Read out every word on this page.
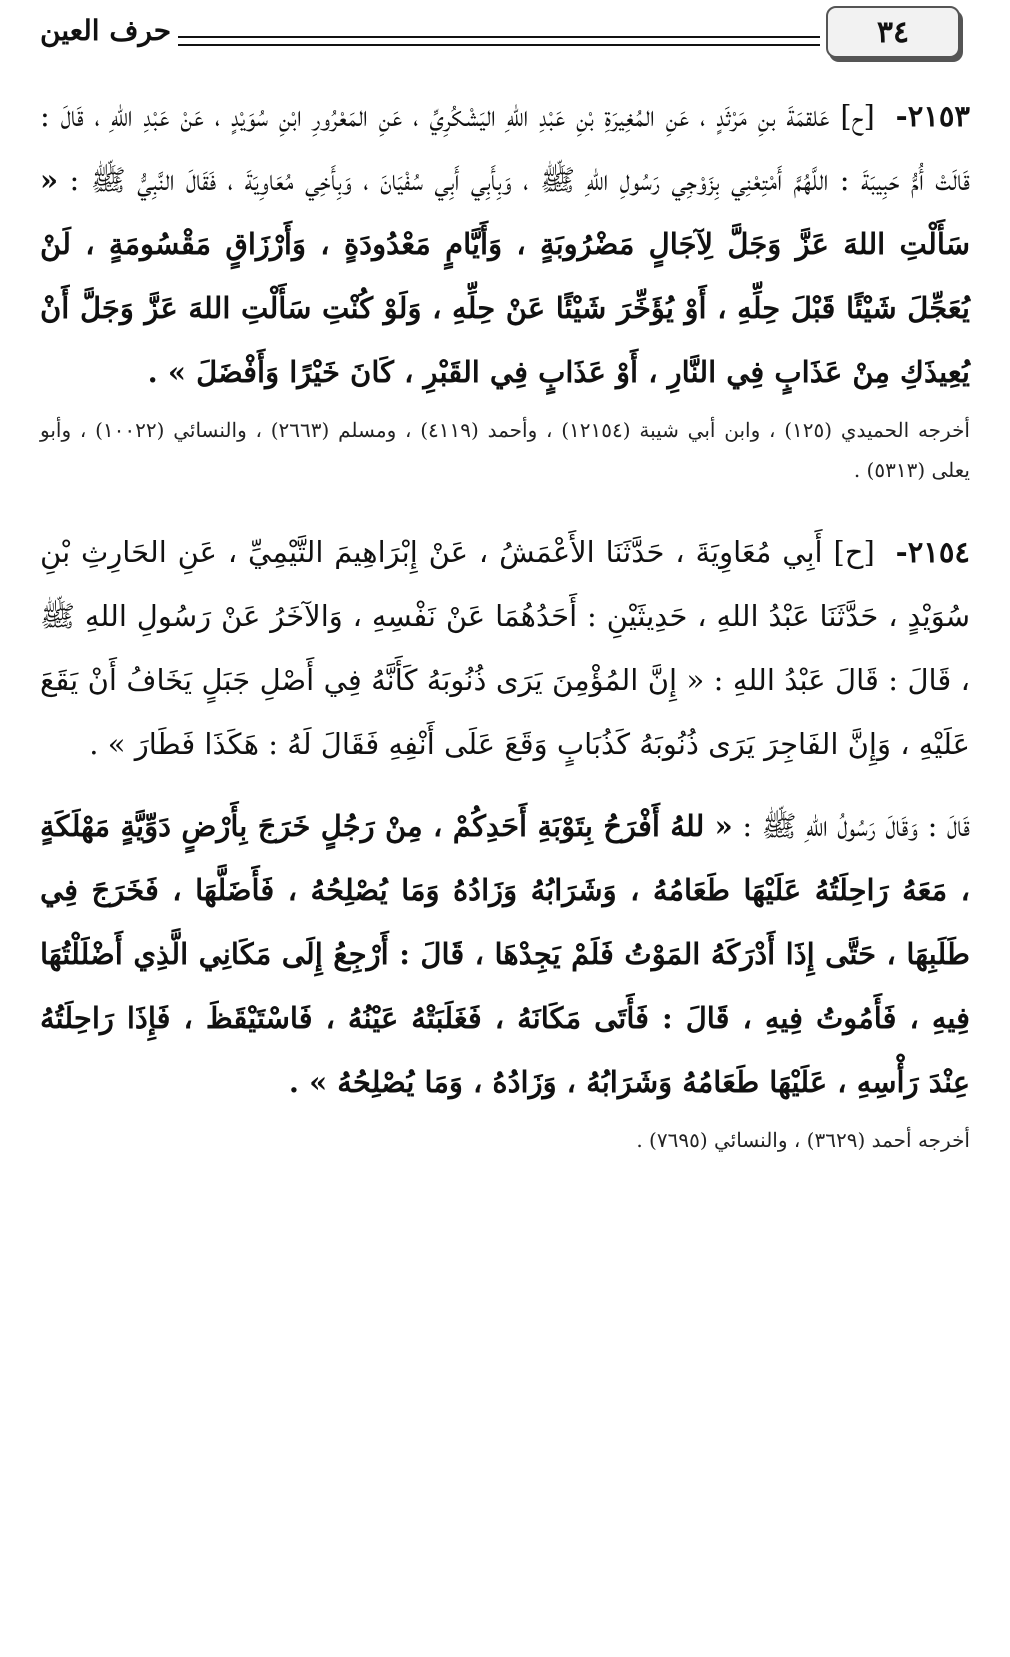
حرف العين	٣٤

٢١٥٣- [ح] عَلقمَةَ بنِ مَرْثَدٍ ، عَنِ المُغِيرَةِ بْنِ عَبْدِ اللهِ اليَشْكُرِيِّ ، عَنِ المَعْرُورِ ابْنِ سُوَيْدٍ ، عَنْ عَبْدِ اللهِ ، قَالَ : قَالَتْ أُمُّ حَبِيبَةَ : اللَّهُمَّ أَمْتِعْنِي بِزَوْجِي رَسُولِ اللهِ ﷺ ، وَبِأَبِي أَبِي سُفْيَانَ ، وَبِأَخِي مُعَاوِيَةَ ، فَقَالَ النَّبِيُّ ﷺ : « سَأَلْتِ اللهَ عَزَّ وَجَلَّ لِآجَالٍ مَضْرُوبَةٍ ، وَأَيَّامٍ مَعْدُودَةٍ ، وَأَرْزَاقٍ مَقْسُومَةٍ ، لَنْ يُعَجِّلَ شَيْئًا قَبْلَ حِلِّهِ ، أَوْ يُؤَخِّرَ شَيْئًا عَنْ حِلِّهِ ، وَلَوْ كُنْتِ سَأَلْتِ اللهَ عَزَّ وَجَلَّ أَنْ يُعِيذَكِ مِنْ عَذَابٍ فِي النَّارِ ، أَوْ عَذَابٍ فِي القَبْرِ ، كَانَ خَيْرًا وَأَفْضَلَ » .

أخرجه الحميدي (١٢٥) ، وابن أبي شيبة (١٢١٥٤) ، وأحمد (٤١١٩) ، ومسلم (٢٦٦٣) ، والنسائي (١٠٠٢٢) ، وأبو يعلى (٥٣١٣) .

٢١٥٤- [ح] أَبِي مُعَاوِيَةَ ، حَدَّثَنَا الأَعْمَشُ ، عَنْ إِبْرَاهِيمَ التَّيْمِيِّ ، عَنِ الحَارِثِ بْنِ سُوَيْدٍ ، حَدَّثَنَا عَبْدُ اللهِ ، حَدِيثَيْنِ : أَحَدُهُمَا عَنْ نَفْسِهِ ، وَالآخَرُ عَنْ رَسُولِ اللهِ ﷺ ، قَالَ : قَالَ عَبْدُ اللهِ : « إِنَّ المُؤْمِنَ يَرَى ذُنُوبَهُ كَأَنَّهُ فِي أَصْلِ جَبَلٍ يَخَافُ أَنْ يَقَعَ عَلَيْهِ ، وَإِنَّ الفَاجِرَ يَرَى ذُنُوبَهُ كَذُبَابٍ وَقَعَ عَلَى أَنْفِهِ فَقَالَ لَهُ : هَكَذَا فَطَارَ » .

قَالَ : وَقَالَ رَسُولُ اللهِ ﷺ : « للهُ أَفْرَحُ بِتَوْبَةِ أَحَدِكُمْ ، مِنْ رَجُلٍ خَرَجَ بِأَرْضٍ دَوِّيَّةٍ مَهْلَكَةٍ ، مَعَهُ رَاحِلَتُهُ عَلَيْهَا طَعَامُهُ ، وَشَرَابُهُ وَزَادُهُ وَمَا يُصْلِحُهُ ، فَأَضَلَّهَا ، فَخَرَجَ فِي طَلَبِهَا ، حَتَّى إِذَا أَدْرَكَهُ المَوْتُ فَلَمْ يَجِدْهَا ، قَالَ : أَرْجِعُ إِلَى مَكَانِي الَّذِي أَضْلَلْتُهَا فِيهِ ، فَأَمُوتُ فِيهِ ، قَالَ : فَأَتَى مَكَانَهُ ، فَغَلَبَتْهُ عَيْنُهُ ، فَاسْتَيْقَظَ ، فَإِذَا رَاحِلَتُهُ عِنْدَ رَأْسِهِ ، عَلَيْهَا طَعَامُهُ وَشَرَابُهُ ، وَزَادُهُ ، وَمَا يُصْلِحُهُ » .

أخرجه أحمد (٣٦٢٩) ، والنسائي (٧٦٩٥) .
